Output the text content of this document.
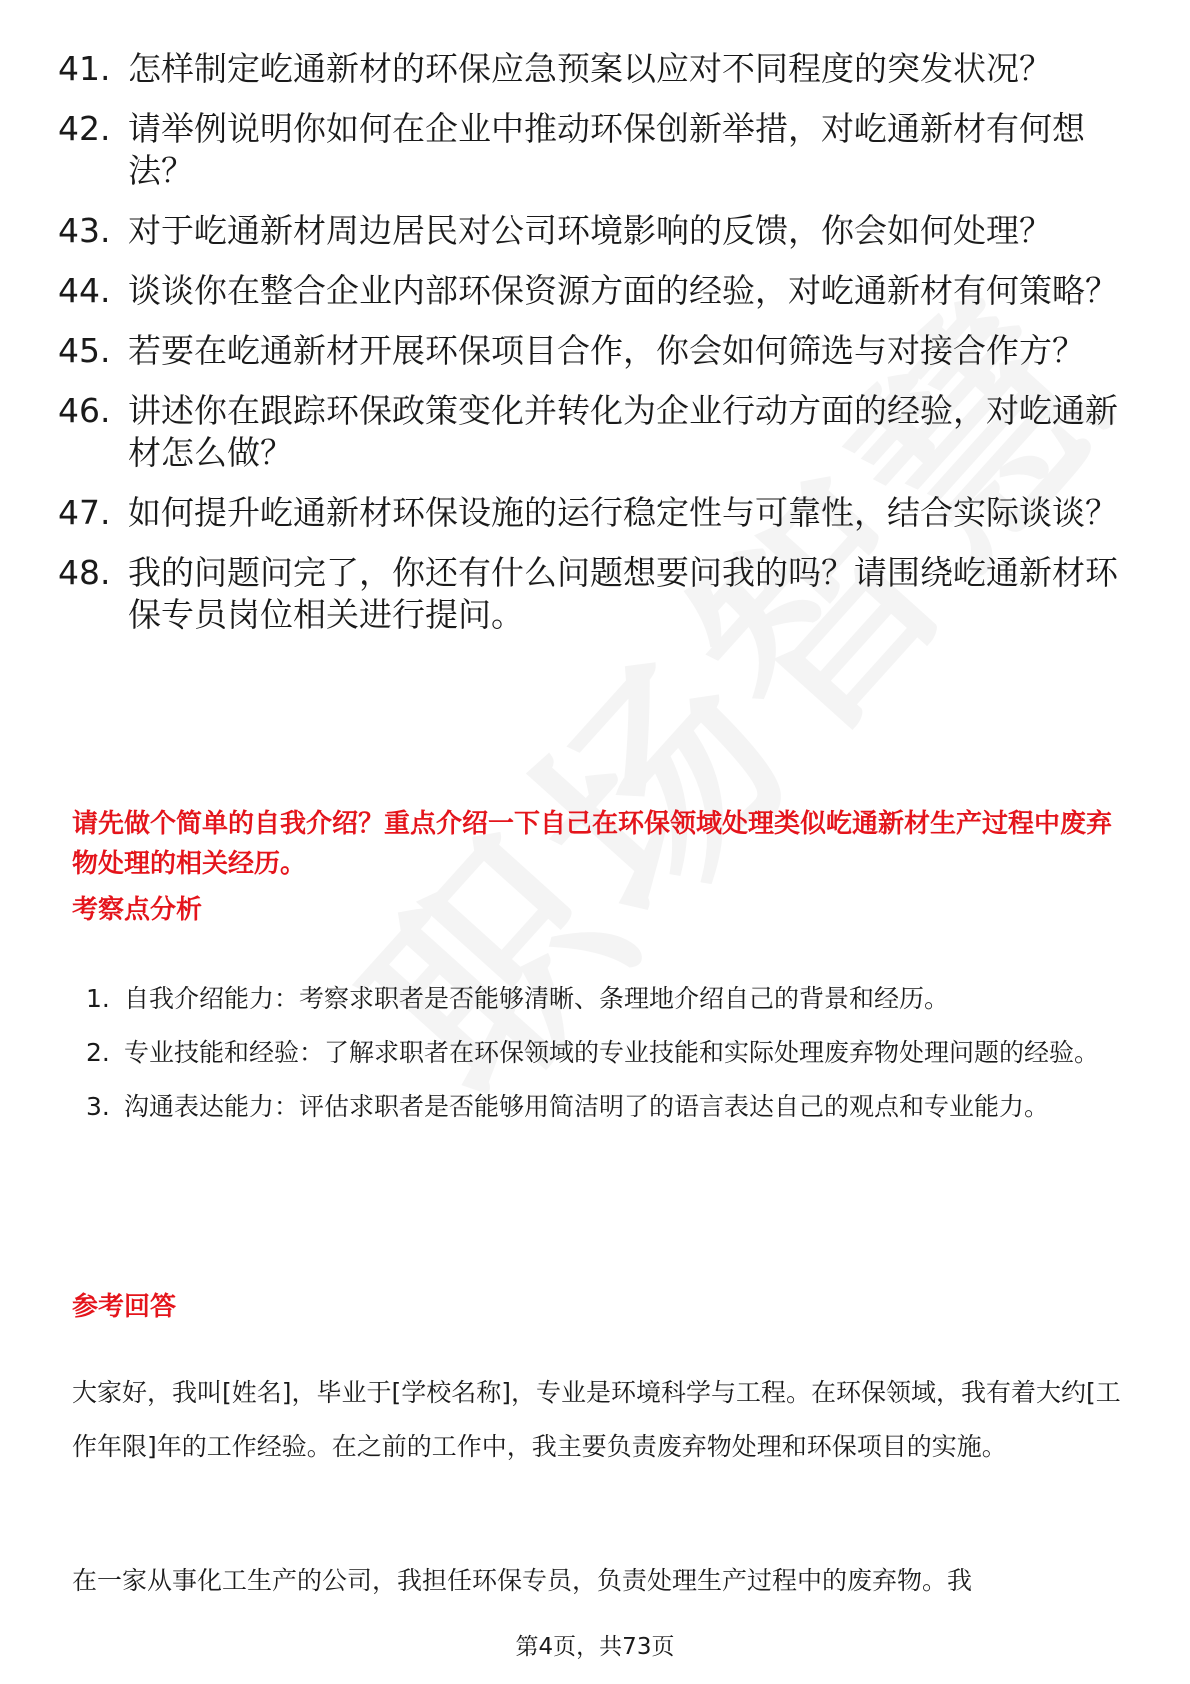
41. 怎样制定屹通新材的环保应急预案以应对不同程度的突发状况？
42. 请举例说明你如何在企业中推动环保创新举措，对屹通新材有何想法？
43. 对于屹通新材周边居民对公司环境影响的反馈，你会如何处理？
44. 谈谈你在整合企业内部环保资源方面的经验，对屹通新材有何策略？
45. 若要在屹通新材开展环保项目合作，你会如何筛选与对接合作方？
46. 讲述你在跟踪环保政策变化并转化为企业行动方面的经验，对屹通新材怎么做？
47. 如何提升屹通新材环保设施的运行稳定性与可靠性，结合实际谈谈？
48. 我的问题问完了，你还有什么问题想要问我的吗？请围绕屹通新材环保专员岗位相关进行提问。
请先做个简单的自我介绍？重点介绍一下自己在环保领域处理类似屹通新材生产过程中废弃物处理的相关经历。
考察点分析
1. 自我介绍能力：考察求职者是否能够清晰、条理地介绍自己的背景和经历。
2. 专业技能和经验：了解求职者在环保领域的专业技能和实际处理废弃物处理问题的经验。
3. 沟通表达能力：评估求职者是否能够用简洁明了的语言表达自己的观点和专业能力。
参考回答
大家好，我叫[姓名]，毕业于[学校名称]，专业是环境科学与工程。在环保领域，我有着大约[工作年限]年的工作经验。在之前的工作中，我主要负责废弃物处理和环保项目的实施。
在一家从事化工生产的公司，我担任环保专员，负责处理生产过程中的废弃物。我
第4页，共73页
